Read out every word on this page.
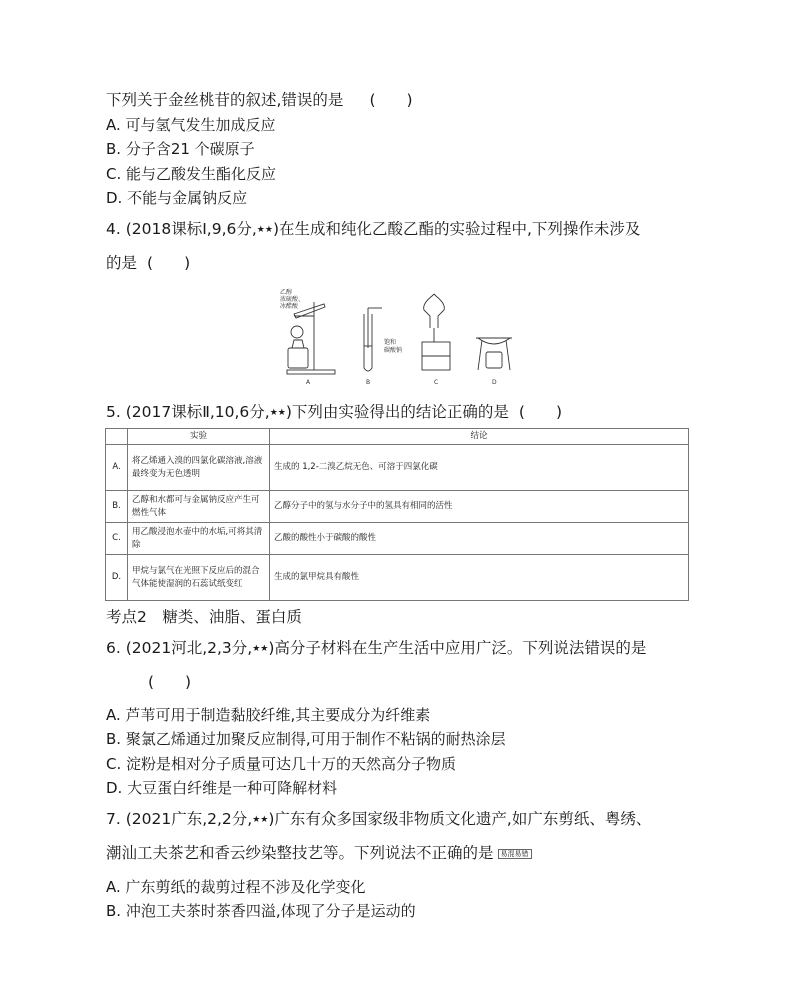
下列关于金丝桃苷的叙述,错误的是 (　　)
A. 可与氢气发生加成反应
B. 分子含21 个碳原子
C. 能与乙酸发生酯化反应
D. 不能与金属钠反应
4. (2018课标Ⅰ,9,6分,★★)在生成和纯化乙酸乙酯的实验过程中,下列操作未涉及
的是 (　　)
乙醇
浓硫酸、
冰醋酸
饱和
碳酸钠
A	B	C	D
5. (2017课标Ⅱ,10,6分,★★)下列由实验得出的结论正确的是 (　　)
	实验	结论
A.	将乙烯通入溴的四氯化碳溶液,溶液最终变为无色透明	生成的 1,2-二溴乙烷无色、可溶于四氯化碳
B.	乙醇和水都可与金属钠反应产生可燃性气体	乙醇分子中的氢与水分子中的氢具有相同的活性
C.	用乙酸浸泡水壶中的水垢,可将其清除	乙酸的酸性小于碳酸的酸性
D.	甲烷与氯气在光照下反应后的混合气体能使湿润的石蕊试纸变红	生成的氯甲烷具有酸性
考点2　糖类、油脂、蛋白质
6. (2021河北,2,3分,★★)高分子材料在生产生活中应用广泛。下列说法错误的是
(　　)
A. 芦苇可用于制造黏胶纤维,其主要成分为纤维素
B. 聚氯乙烯通过加聚反应制得,可用于制作不粘锅的耐热涂层
C. 淀粉是相对分子质量可达几十万的天然高分子物质
D. 大豆蛋白纤维是一种可降解材料
7. (2021广东,2,2分,★★)广东有众多国家级非物质文化遗产,如广东剪纸、粤绣、
潮汕工夫茶艺和香云纱染整技艺等。下列说法不正确的是 易混易错
A. 广东剪纸的裁剪过程不涉及化学变化
B. 冲泡工夫茶时茶香四溢,体现了分子是运动的
